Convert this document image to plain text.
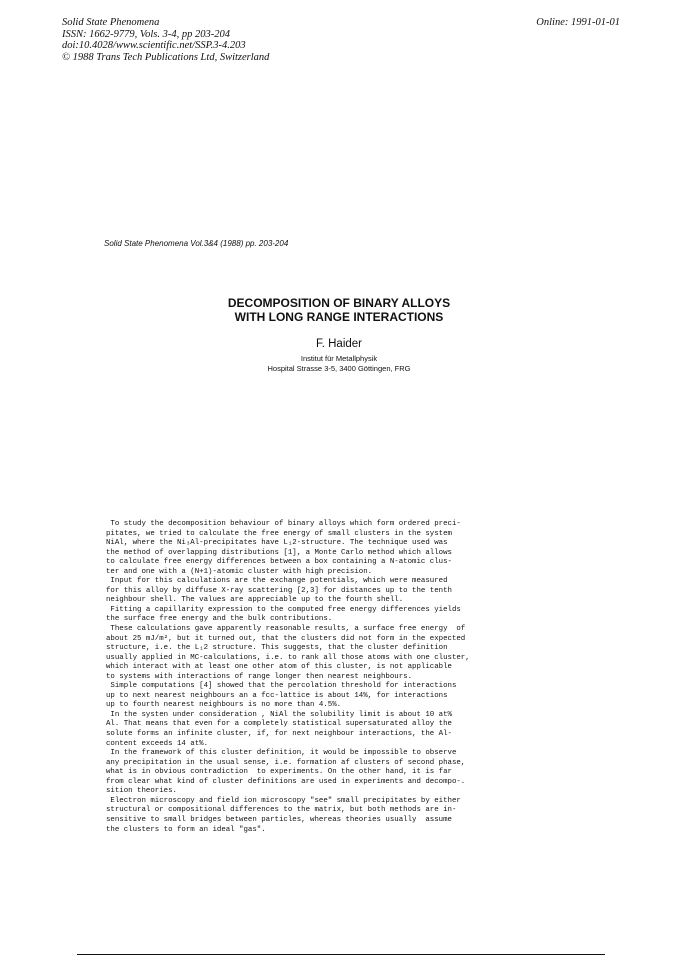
Solid State Phenomena
ISSN: 1662-9779, Vols. 3-4, pp 203-204
doi:10.4028/www.scientific.net/SSP.3-4.203
© 1988 Trans Tech Publications Ltd, Switzerland
Online: 1991-01-01
Solid State Phenomena Vol.3&4 (1988) pp. 203-204
DECOMPOSITION OF BINARY ALLOYS
WITH LONG RANGE INTERACTIONS
F. Haider
Institut für Metallphysik
Hospital Strasse 3-5, 3400 Göttingen, FRG
To study the decomposition behaviour of binary alloys which form ordered preci-
pitates, we tried to calculate the free energy of small clusters in the system
NiAl, where the Ni₃Al-precipitates have L₁2-structure. The technique used was
the method of overlapping distributions [1], a Monte Carlo method which allows
to calculate free energy differences between a box containing a N-atomic clus-
ter and one with a (N+1)-atomic cluster with high precision.
Input for this calculations are the exchange potentials, which were measured
for this alloy by diffuse X-ray scattering [2,3] for distances up to the tenth
neighbour shell. The values are appreciable up to the fourth shell.
Fitting a capillarity expression to the computed free energy differences yields
the surface free energy and the bulk contributions.
These calculations gave apparently reasonable results, a surface free energy  of
about 25 mJ/m², but it turned out, that the clusters did not form in the expected
structure, i.e. the L₁2 structure. This suggests, that the cluster definition
usually applied in MC-calculations, i.e. to rank all those atoms with one cluster,
which interact with at least one other atom of this cluster, is not applicable
to systems with interactions of range longer then nearest neighbours.
Simple computations [4] showed that the percolation threshold for interactions
up to next nearest neighbours an a fcc-lattice is about 14%, for interactions
up to fourth nearest neighbours is no more than 4.5%.
In the systen under consideration , NiAl the solubility limit is about 10 at%
Al. That means that even for a completely statistical supersaturated alloy the
solute forms an infinite cluster, if, for next neighbour interactions, the Al-
content exceeds 14 at%.
In the framework of this cluster definition, it would be impossible to observe
any precipitation in the usual sense, i.e. formation af clusters of second phase,
what is in obvious contradiction  to experiments. On the other hand, it is far
from clear what kind of cluster definitions are used in experiments and decompo-.
sition theories.
Electron microscopy and field ion microscopy "see" small precipitates by either
structural or compositional differences to the matrix, but both methods are in-
sensitive to small bridges between particles, whereas theories usually  assume
the clusters to form an ideal "gas".
